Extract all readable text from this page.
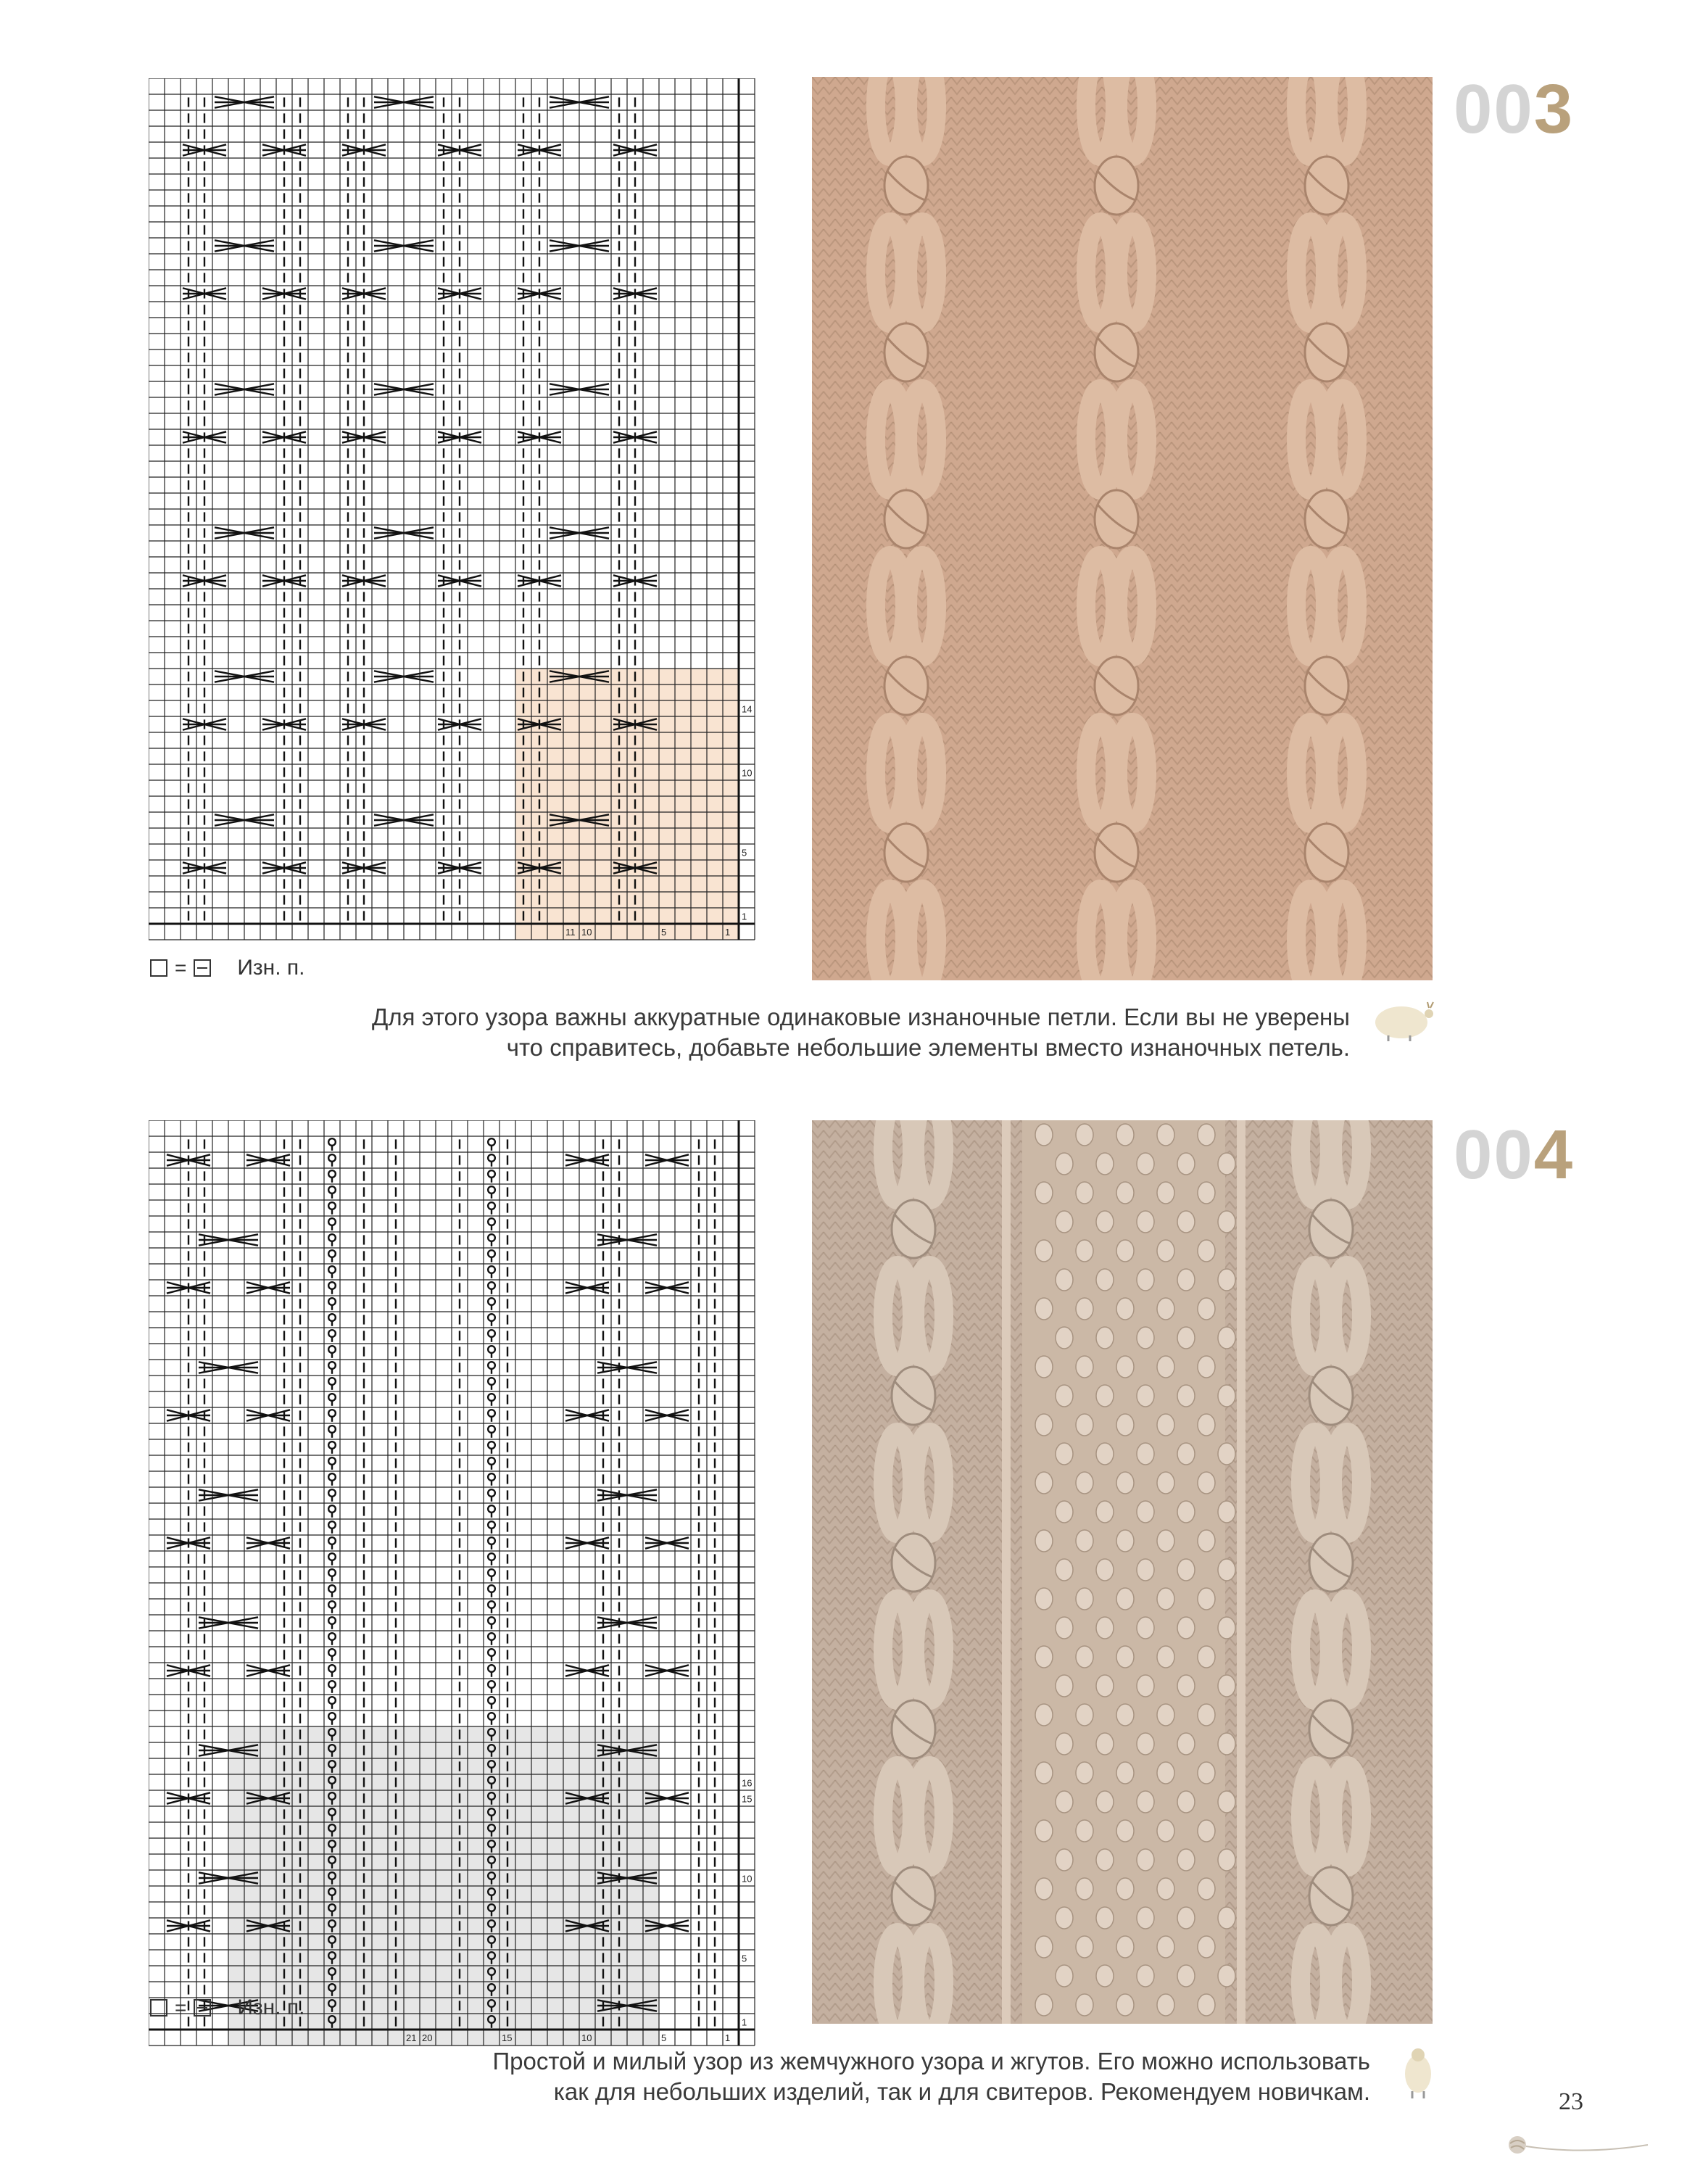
14
10
5
1
11 10	5	1
003
= Изн. п.
Для этого узора важны аккуратные одинаковые изнаночные петли. Если вы не уверены
что справитесь, добавьте небольшие элементы вместо изнаночных петель.
16
15
10
5
1
21 20	15	10	5	1
004
= Изн. п.
Простой и милый узор из жемчужного узора и жгутов. Его можно использовать
как для небольших изделий, так и для свитеров. Рекомендуем новичкам.	23
